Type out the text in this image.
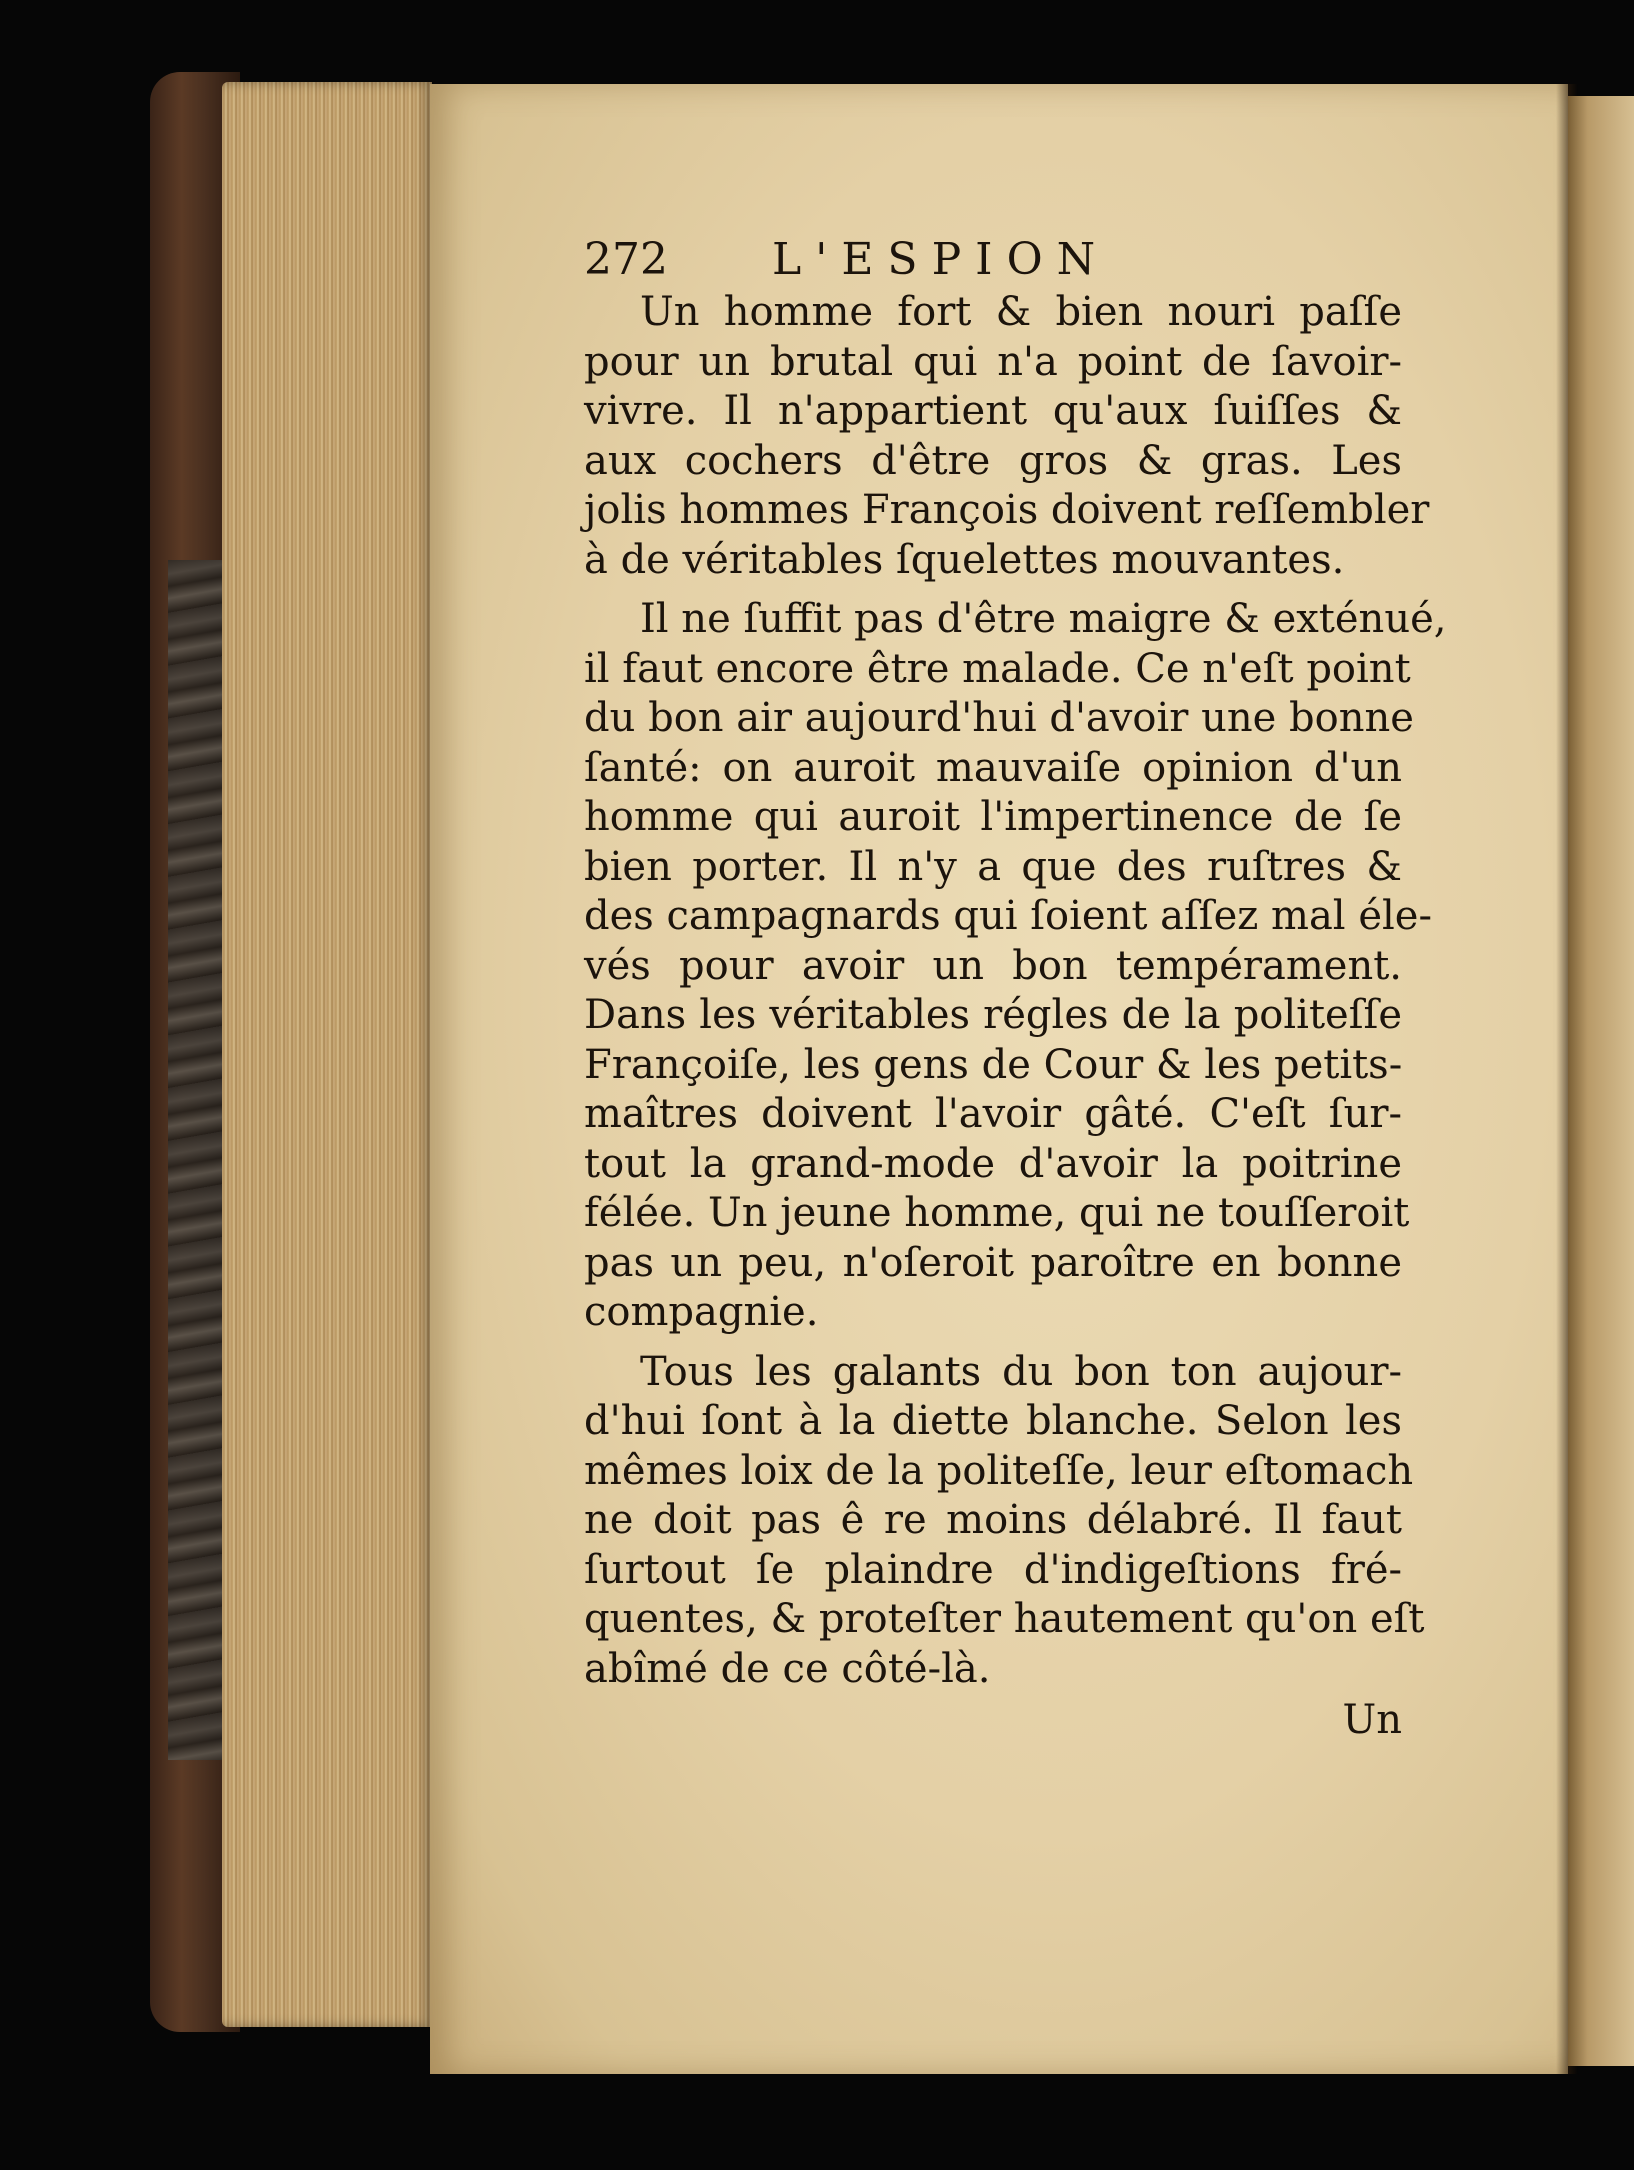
272 L'ESPION
Un homme fort & bien nouri paſſe
pour un brutal qui n'a point de ſavoir-
vivre. Il n'appartient qu'aux ſuiſſes &
aux cochers d'être gros & gras. Les
jolis hommes François doivent reſſembler
à de véritables ſquelettes mouvantes.
Il ne ſuffit pas d'être maigre & exténué,
il faut encore être malade. Ce n'eſt point
du bon air aujourd'hui d'avoir une bonne
ſanté: on auroit mauvaiſe opinion d'un
homme qui auroit l'impertinence de ſe
bien porter. Il n'y a que des ruſtres &
des campagnards qui ſoient aſſez mal éle-
vés pour avoir un bon tempérament.
Dans les véritables régles de la politeſſe
Françoiſe, les gens de Cour & les petits-
maîtres doivent l'avoir gâté. C'eſt ſur-
tout la grand-mode d'avoir la poitrine
félée. Un jeune homme, qui ne touſſeroit
pas un peu, n'oſeroit paroître en bonne
compagnie.
Tous les galants du bon ton aujour-
d'hui ſont à la diette blanche. Selon les
mêmes loix de la politeſſe, leur eſtomach
ne doit pas ê re moins délabré. Il faut
ſurtout ſe plaindre d'indigeſtions fré-
quentes, & proteſter hautement qu'on eſt
abîmé de ce côté-là.
Un
